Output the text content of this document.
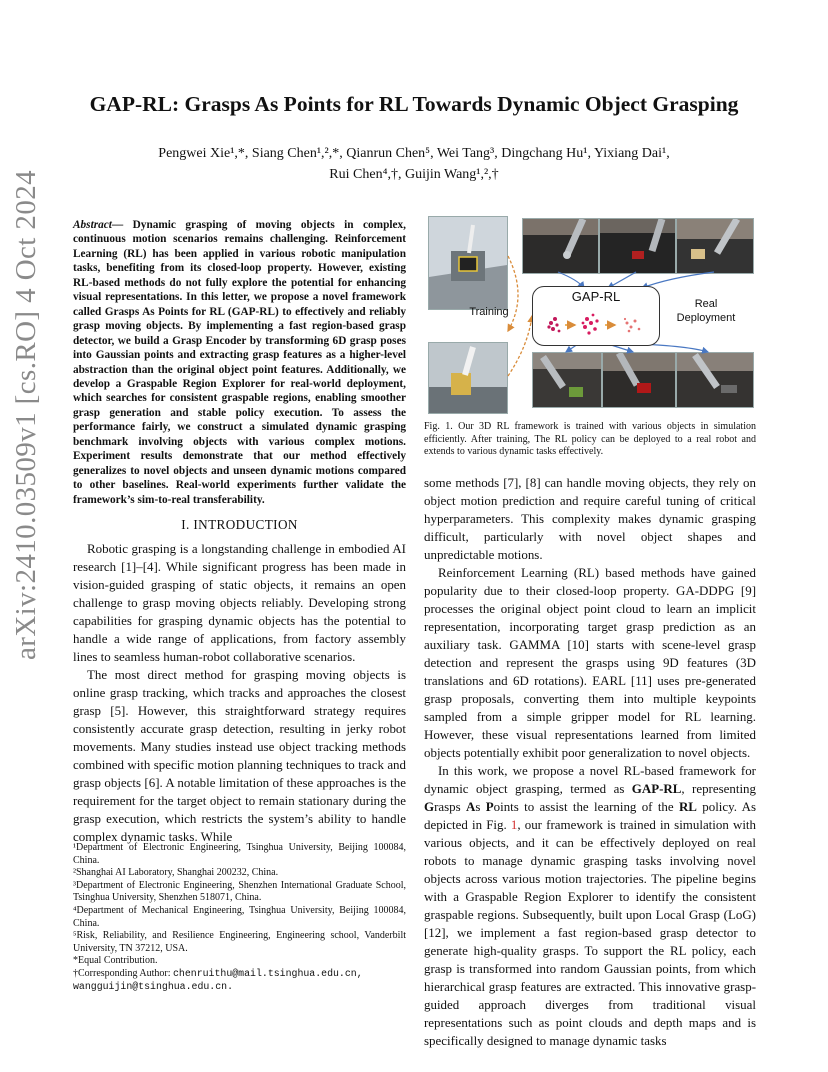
arXiv:2410.03509v1 [cs.RO] 4 Oct 2024
GAP-RL: Grasps As Points for RL Towards Dynamic Object Grasping
Pengwei Xie¹,*, Siang Chen¹,²,*, Qianrun Chen⁵, Wei Tang³, Dingchang Hu¹, Yixiang Dai¹,
Rui Chen⁴,†, Guijin Wang¹,²,†

Abstract— Dynamic grasping of moving objects in complex, continuous motion scenarios remains challenging. Reinforcement Learning (RL) has been applied in various robotic manipulation tasks, benefiting from its closed-loop property. However, existing RL-based methods do not fully explore the potential for enhancing visual representations. In this letter, we propose a novel framework called Grasps As Points for RL (GAP-RL) to effectively and reliably grasp moving objects. By implementing a fast region-based grasp detector, we build a Grasp Encoder by transforming 6D grasp poses into Gaussian points and extracting grasp features as a higher-level abstraction than the original object point features. Additionally, we develop a Graspable Region Explorer for real-world deployment, which searches for consistent graspable regions, enabling smoother grasp generation and stable policy execution. To assess the performance fairly, we construct a simulated dynamic grasping benchmark involving objects with various complex motions. Experiment results demonstrate that our method effectively generalizes to novel objects and unseen dynamic motions compared to other baselines. Real-world experiments further validate the framework’s sim-to-real transferability.

I. INTRODUCTION

Robotic grasping is a longstanding challenge in embodied AI research [1]–[4]. While significant progress has been made in vision-guided grasping of static objects, it remains an open challenge to grasp moving objects reliably. Developing strong capabilities for grasping dynamic objects has the potential to handle a wide range of applications, from factory assembly lines to seamless human-robot collaborative scenarios.

The most direct method for grasping moving objects is online grasp tracking, which tracks and approaches the closest grasp [5]. However, this straightforward strategy requires consistently accurate grasp detection, resulting in jerky robot movements. Many studies instead use object tracking methods combined with specific motion planning techniques to track and grasp objects [6]. A notable limitation of these approaches is the requirement for the target object to remain stationary during the grasp execution, which restricts the system’s ability to handle complex dynamic tasks. While

¹Department of Electronic Engineering, Tsinghua University, Beijing 100084, China.

²Shanghai AI Laboratory, Shanghai 200232, China.

³Department of Electronic Engineering, Shenzhen International Graduate School, Tsinghua University, Shenzhen 518071, China.

⁴Department of Mechanical Engineering, Tsinghua University, Beijing 100084, China.

⁵Risk, Reliability, and Resilience Engineering, Engineering school, Vanderbilt University, TN 37212, USA.

*Equal Contribution.

†Corresponding Author: chenruithu@mail.tsinghua.edu.cn,
wangguijin@tsinghua.edu.cn.

GAP-RL
Training
Real
Deployment
Fig. 1. Our 3D RL framework is trained with various objects in simulation efficiently. After training, The RL policy can be deployed to a real robot and extends to various dynamic tasks effectively.

some methods [7], [8] can handle moving objects, they rely on object motion prediction and require careful tuning of critical hyperparameters. This complexity makes dynamic grasping difficult, particularly with novel object shapes and unpredictable motions.

Reinforcement Learning (RL) based methods have gained popularity due to their closed-loop property. GA-DDPG [9] processes the original object point cloud to learn an implicit representation, incorporating target grasp prediction as an auxiliary task. GAMMA [10] starts with scene-level grasp detection and represent the grasps using 9D features (3D translations and 6D rotations). EARL [11] uses pre-generated grasp proposals, converting them into multiple keypoints sampled from a simple gripper model for RL learning. However, these visual representations learned from limited objects potentially exhibit poor generalization to novel objects.

In this work, we propose a novel RL-based framework for dynamic object grasping, termed as GAP-RL, representing Grasps As Points to assist the learning of the RL policy. As depicted in Fig. 1, our framework is trained in simulation with various objects, and it can be effectively deployed on real robots to manage dynamic grasping tasks involving novel objects across various motion trajectories. The pipeline begins with a Graspable Region Explorer to identify the consistent graspable regions. Subsequently, built upon Local Grasp (LoG) [12], we implement a fast region-based grasp detector to generate high-quality grasps. To support the RL policy, each grasp is transformed into random Gaussian points, from which hierarchical grasp features are extracted. This innovative grasp-guided approach diverges from traditional visual representations such as point clouds and depth maps and is specifically designed to manage dynamic tasks
